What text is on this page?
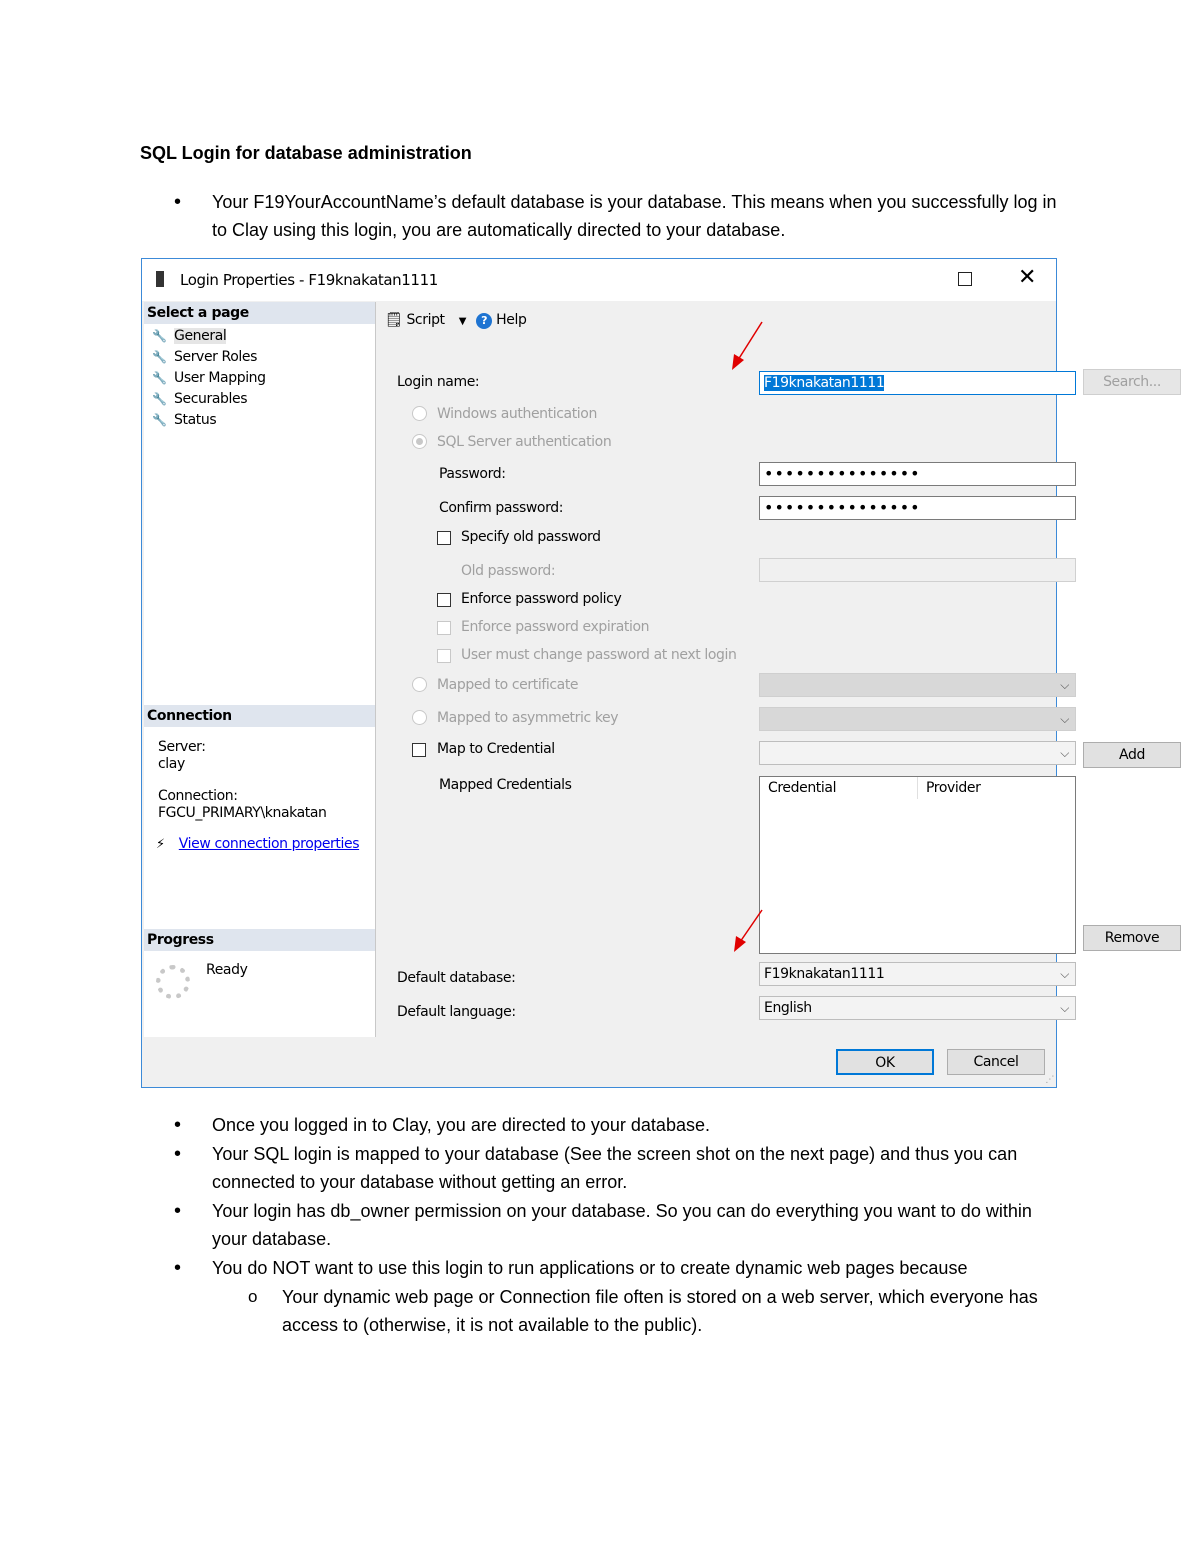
SQL Login for database administration
• Your F19YourAccountName’s default database is your database. This means when you successfully log in to Clay using this login, you are automatically directed to your database.
Login Properties - F19knakatan1111	✕
Select a page
🔧 General
🔧 Server Roles
🔧 User Mapping
🔧 Securables
🔧 Status
Connection
Server:
clay
Connection:
FGCU_PRIMARY\knakatan
⚡ View connection properties
Progress
Ready
🗒 Script ▼ ? Help
Login name:	F19knakatan1111	Search...
Windows authentication
SQL Server authentication
Password:	•••••••••••••••
Confirm password:	•••••••••••••••
Specify old password
Old password:
Enforce password policy
Enforce password expiration
User must change password at next login
Mapped to certificate	⌵
Mapped to asymmetric key	⌵
Map to Credential	⌵	Add
Mapped Credentials	Credential	Provider
Remove
Default database:	F19knakatan1111	⌵
Default language:	English	⌵
OK	Cancel
⋰
• Once you logged in to Clay, you are directed to your database.
• Your SQL login is mapped to your database (See the screen shot on the next page) and thus you can connected to your database without getting an error.
• Your login has db_owner permission on your database. So you can do everything you want to do within your database.
• You do NOT want to use this login to run applications or to create dynamic web pages because
o Your dynamic web page or Connection file often is stored on a web server, which everyone has access to (otherwise, it is not available to the public).
